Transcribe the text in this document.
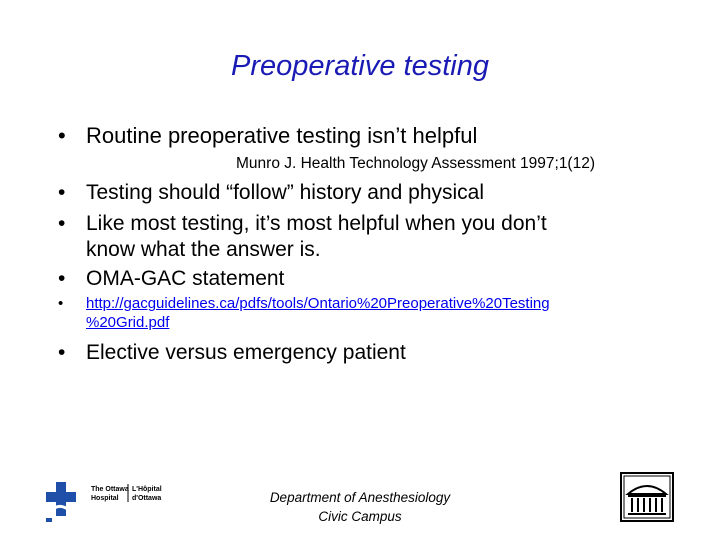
Preoperative testing
• Routine preoperative testing isn’t helpful
Munro J. Health Technology Assessment 1997;1(12)
• Testing should “follow” history and physical
• Like most testing, it’s most helpful when you don’t
know what the answer is.
• OMA-GAC statement
•	http://gacguidelines.ca/pdfs/tools/Ontario%20Preoperative%20Testing
%20Grid.pdf
• Elective versus emergency patient
The Ottawa L'Hôpital
Hospital d'Ottawa	Department of Anesthesiology
Civic Campus
